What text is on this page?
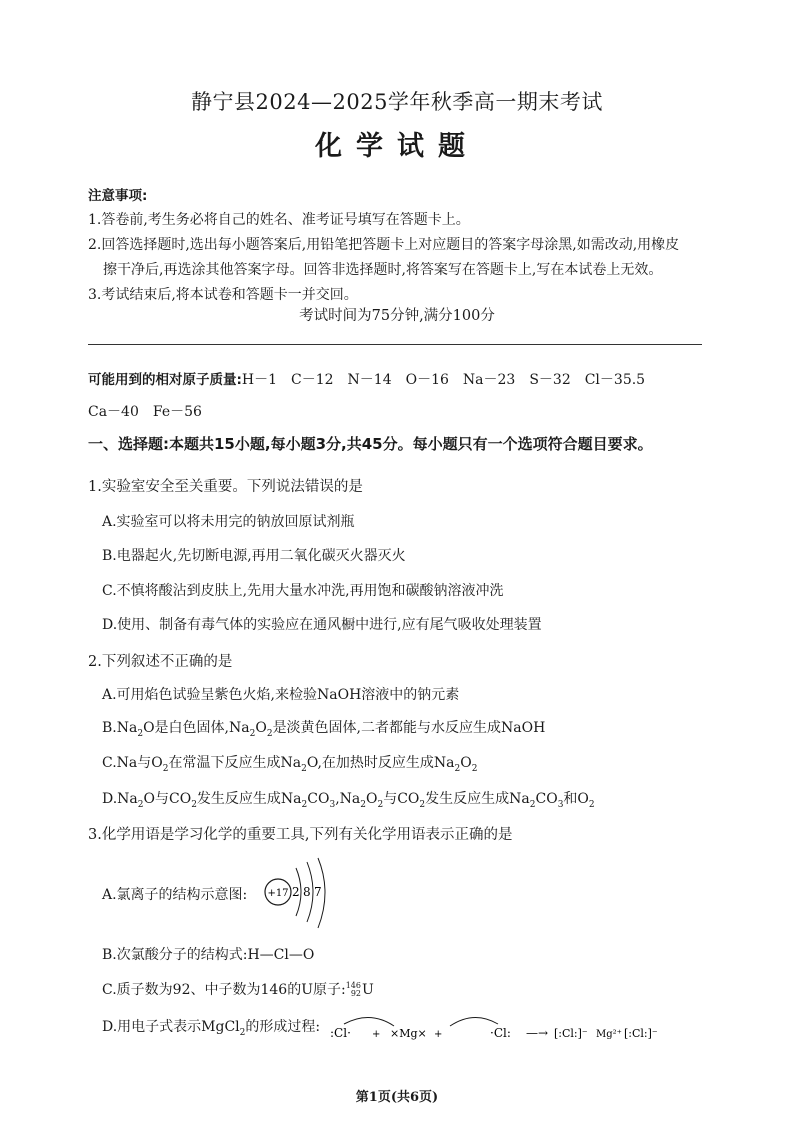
静宁县2024—2025学年秋季高一期末考试
化学试题
注意事项:
1.答卷前,考生务必将自己的姓名、准考证号填写在答题卡上。
2.回答选择题时,选出每小题答案后,用铅笔把答题卡上对应题目的答案字母涂黑,如需改动,用橡皮
擦干净后,再选涂其他答案字母。回答非选择题时,将答案写在答题卡上,写在本试卷上无效。
3.考试结束后,将本试卷和答题卡一并交回。
考试时间为75分钟,满分100分
可能用到的相对原子质量:H－1　C－12　N－14　O－16　Na－23　S－32　Cl－35.5
Ca－40　Fe－56
一、选择题:本题共15小题,每小题3分,共45分。每小题只有一个选项符合题目要求。
1.实验室安全至关重要。下列说法错误的是
A.实验室可以将未用完的钠放回原试剂瓶
B.电器起火,先切断电源,再用二氧化碳灭火器灭火
C.不慎将酸沾到皮肤上,先用大量水冲洗,再用饱和碳酸钠溶液冲洗
D.使用、制备有毒气体的实验应在通风橱中进行,应有尾气吸收处理装置
2.下列叙述不正确的是
A.可用焰色试验呈紫色火焰,来检验NaOH溶液中的钠元素
$B.Na_2O$是白色固体$,Na_2O_2$是淡黄色固体,二者都能与水反应生成NaOH
C.Na与$O_2$在常温下反应生成$Na_2O$,在加热时反应生成$Na_2O_2$
$D.Na_2O$与$CO_2$发生反应生成$Na_2CO_3,Na_2O_2$与$CO_2$发生反应生成$Na_2CO_3$和$O_2$
3.化学用语是学习化学的重要工具,下列有关化学用语表示正确的是
A.氯离子的结构示意图: +17 2 8 7
B.次氯酸分子的结构式:H—Cl—O
C.质子数为92、中子数为146的U原子:146
92U
D.用电子式表示MgCl$_2$的形成过程: :Cl· + ×Mg× +	·Cl: —→ [:Cl:]⁻ Mg²⁺ [:Cl:]⁻
第1页(共6页)
